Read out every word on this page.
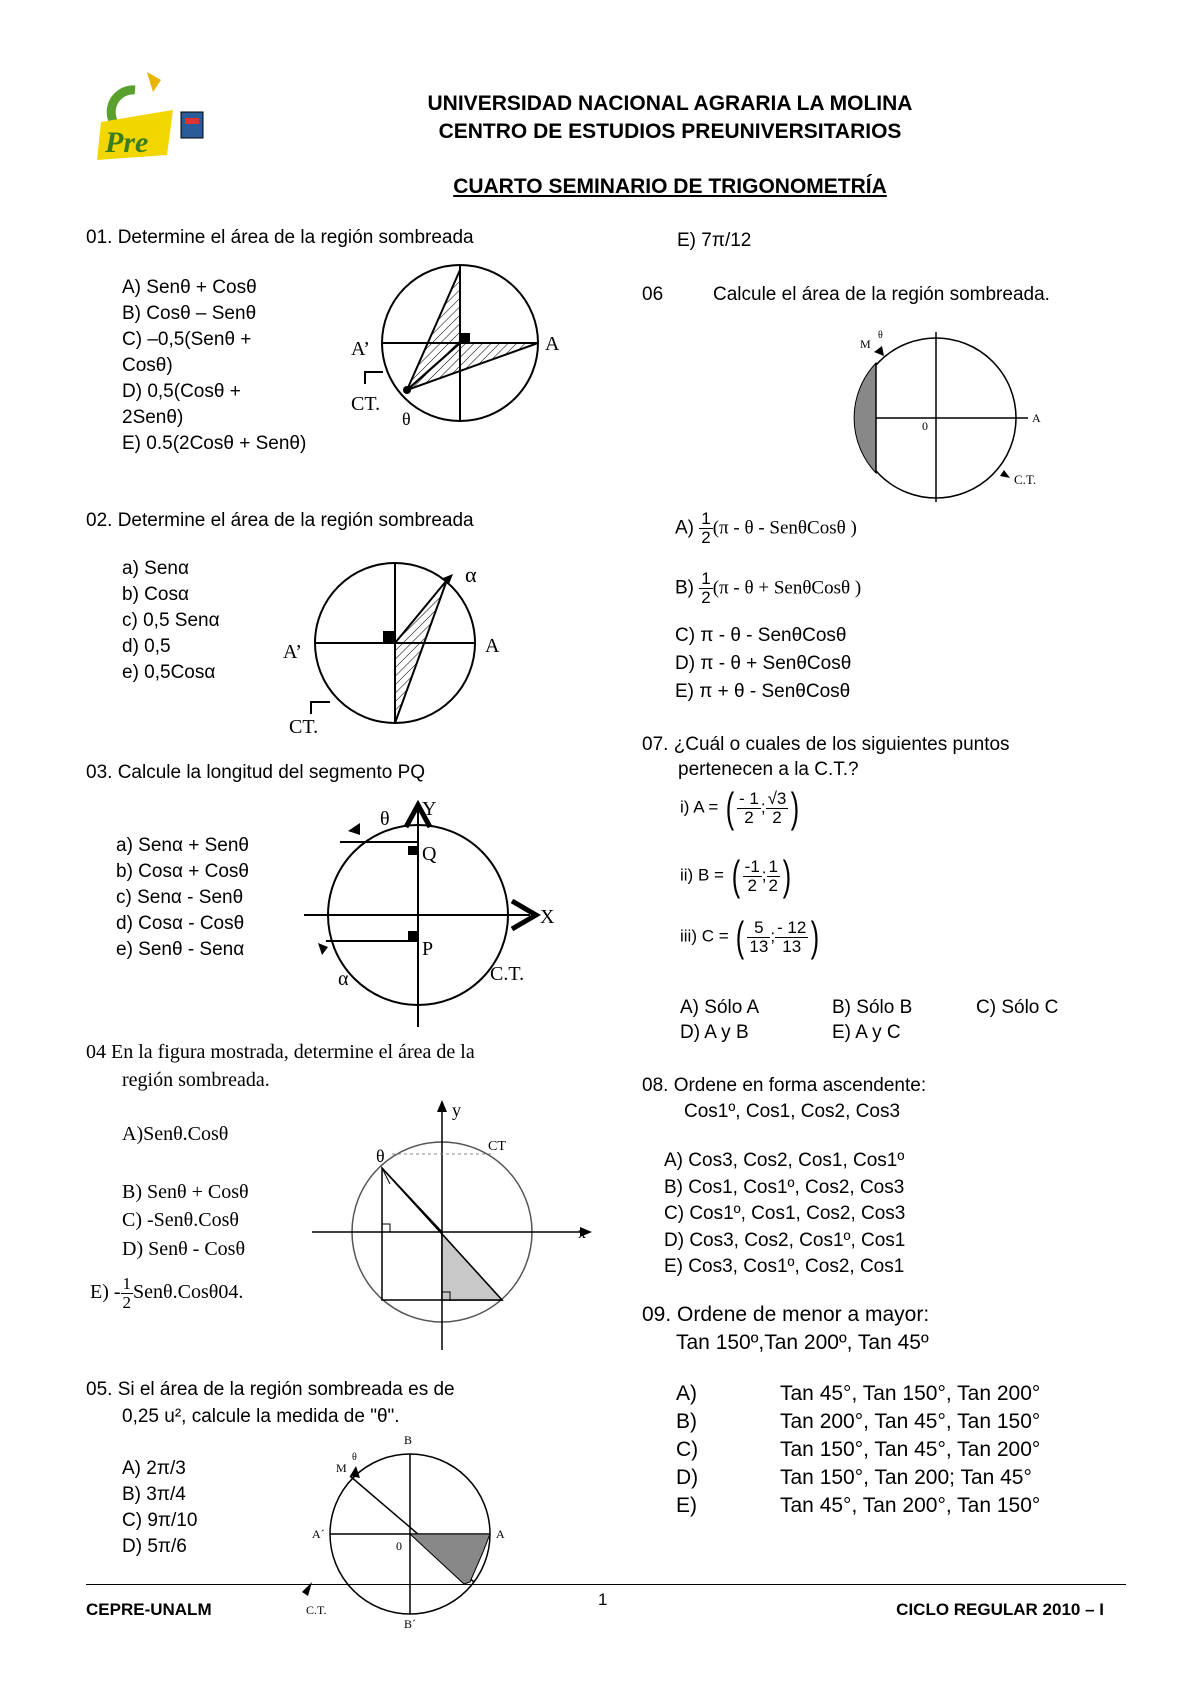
Pre
UNIVERSIDAD NACIONAL AGRARIA LA MOLINA
CENTRO DE ESTUDIOS PREUNIVERSITARIOS
CUARTO SEMINARIO DE TRIGONOMETRÍA
01. Determine el área de la región sombreada
A) Senθ + Cosθ
B) Cosθ – Senθ
C) –0,5(Senθ +
Cosθ)
D) 0,5(Cosθ +
2Senθ)
E) 0.5(2Cosθ + Senθ)
A’	A
CT.
θ
02. Determine el área de la región sombreada
a) Senα
b) Cosα
c) 0,5 Senα
d) 0,5
e) 0,5Cosα
A’	A
CT.
α
03. Calcule la longitud del segmento PQ
a) Senα + Senθ
b) Cosα + Cosθ
c) Senα - Senθ
d) Cosα - Cosθ
e) Senθ - Senα
θ Y
Q
X
P
C.T.
α
04 En la figura mostrada, determine el área de la
región sombreada.
A)Senθ.Cosθ
B) Senθ + Cosθ
C) -Senθ.Cosθ
D) Senθ - Cosθ
$E) - \frac{1}{2} Sen\theta.Cos\theta 04$.
y
x
θ	CT
05. Si el área de la región sombreada es de
0,25 u², calcule la medida de "θ".
A) 2π/3
B) 3π/4
C) 9π/10
D) 5π/6
B
M
θ
A´
0
A
C.T.
B´
E) 7π/12
06	Calcule el área de la región sombreada.
M
θ
0
A
C.T.
$A) \frac{1}{2} (\pi$ - θ - SenθCosθ )
$B) \frac{1}{2} (\pi - \theta + Sen\theta Cos\theta$ )
C) π - θ - SenθCosθ
D) π - θ + SenθCosθ
E) π + θ - SenθCosθ
07. ¿Cuál o cuales de los siguientes puntos
pertenecen a la C.T.?
i) A = ( $\frac{- 1}{2}$ ; $\frac{√3}{2}$ )
ii) B = ( $\frac{-1}{2}$ ; $\frac{1}{2}$ )
iii) C = ( $\frac{5}{13}$ ; $\frac{- 12}{13}$ )
A) Sólo A	B) Sólo B	C) Sólo C
D) A y B	E) A y C
08. Ordene en forma ascendente:
Cos1º, Cos1, Cos2, Cos3
A) Cos3, Cos2, Cos1, Cos1º
B) Cos1, Cos1º, Cos2, Cos3
C) Cos1º, Cos1, Cos2, Cos3
D) Cos3, Cos2, Cos1º, Cos1
E) Cos3, Cos1º, Cos2, Cos1
09. Ordene de menor a mayor:
Tan 150º,Tan 200º, Tan 45º
A)	Tan 45°, Tan 150°, Tan 200°
B)	Tan 200°, Tan 45°, Tan 150°
C)	Tan 150°, Tan 45°, Tan 200°
D)	Tan 150°, Tan 200; Tan 45°
E)	Tan 45°, Tan 200°, Tan 150°
CEPRE-UNALM
1
CICLO REGULAR 2010 – I
